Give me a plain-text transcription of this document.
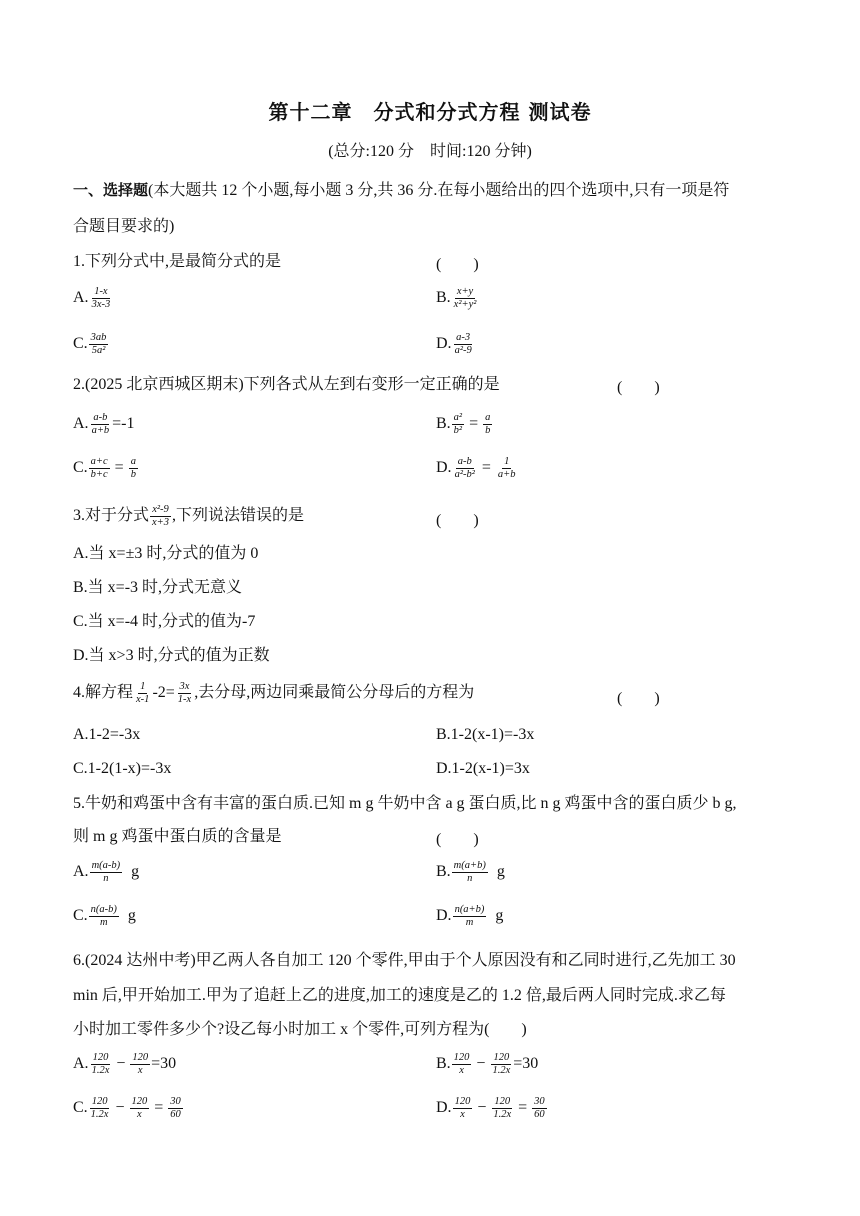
第十二章　分式和分式方程 测试卷
(总分:120 分　时间:120 分钟)
一、选择题(本大题共 12 个小题,每小题 3 分,共 36 分.在每小题给出的四个选项中,只有一项是符
合题目要求的)
1.下列分式中,是最简分式的是	(　　)
A. $\frac{1-x}{3x-3}$	B. $\frac{x+y}{\text{x²+y²}}$
C. $\frac{3ab}{\text{5a²}}$	D. $\frac{a-3}{\text{a²-9}}$
2.(2025 北京西城区期末)下列各式从左到右变形一定正确的是	(　　)
A. $\frac{a-b}{a+b} =-1$	B. $\frac{\text{a²}}{\text{b²}} = \frac{a}{b}$
C. $\frac{a+c}{b+c} = \frac{a}{b}$	D. $\frac{a-b}{\text{a²-b²}} = \frac{1}{a+b}$
3.对于分式 $\frac{\text{x²-9}}{x+3}$ ,下列说法错误的是	(　　)
A.当 x=±3 时,分式的值为 0
B.当 x=-3 时,分式无意义
C.当 x=-4 时,分式的值为-7
D.当 x>3 时,分式的值为正数
4.解方程 $\frac{1}{x-1} -2= \frac{3x}{1-x}$ ,去分母,两边同乘最简公分母后的方程为	(　　)
A.1-2=-3x	B.1-2(x-1)=-3x
C.1-2(1-x)=-3x	D.1-2(x-1)=3x
5.牛奶和鸡蛋中含有丰富的蛋白质.已知 m g 牛奶中含 a g 蛋白质,比 n g 鸡蛋中含的蛋白质少 b g,
则 m g 鸡蛋中蛋白质的含量是	(　　)
A. $\frac{m(a-b)}{n}$ g	B. $\frac{m(a+b)}{n}$ g
C. $\frac{n(a-b)}{m}$ g	D. $\frac{n(a+b)}{m}$ g
6.(2024 达州中考)甲乙两人各自加工 120 个零件,甲由于个人原因没有和乙同时进行,乙先加工 30
min 后,甲开始加工.甲为了追赶上乙的进度,加工的速度是乙的 1.2 倍,最后两人同时完成.求乙每
小时加工零件多少个?设乙每小时加工 x 个零件,可列方程为(　　)
A. $\frac{120}{1.2x} - \frac{120}{x} =30$	B. $\frac{120}{x} - \frac{120}{1.2x} =30$
C. $\frac{120}{1.2x} - \frac{120}{x} = \frac{30}{60}$	D. $\frac{120}{x} - \frac{120}{1.2x} = \frac{30}{60}$
